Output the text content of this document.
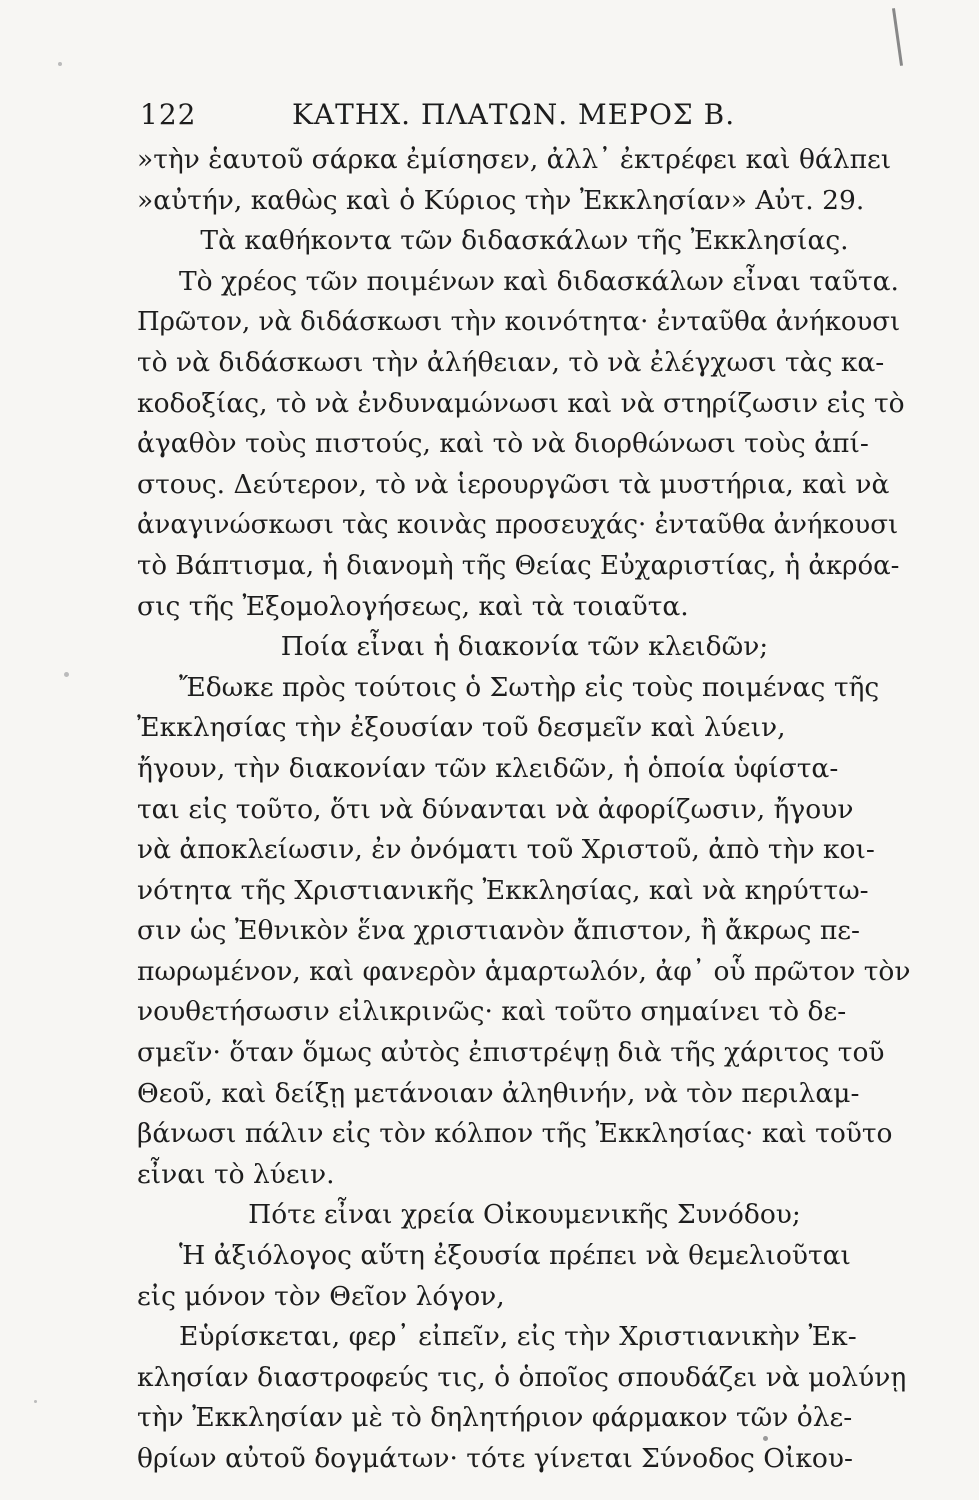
122	ΚΑΤΗΧ. ΠΛΑΤΩΝ. ΜΕΡΟΣ Β.
»τὴν ἑαυτοῦ σάρκα ἐμίσησεν, ἀλλ᾽ ἐκτρέφει καὶ θάλπει
»αὐτήν, καθὼς καὶ ὁ Κύριος τὴν Ἐκκλησίαν» Αὐτ. 29.
Τὰ καθήκοντα τῶν διδασκάλων τῆς Ἐκκλησίας.
Τὸ χρέος τῶν ποιμένων καὶ διδασκάλων εἶναι ταῦτα.
Πρῶτον, νὰ διδάσκωσι τὴν κοινότητα· ἐνταῦθα ἀνήκουσι
τὸ νὰ διδάσκωσι τὴν ἀλήθειαν, τὸ νὰ ἐλέγχωσι τὰς κα-
κοδοξίας, τὸ νὰ ἐνδυναμώνωσι καὶ νὰ στηρίζωσιν εἰς τὸ
ἀγαθὸν τοὺς πιστούς, καὶ τὸ νὰ διορθώνωσι τοὺς ἀπί-
στους. Δεύτερον, τὸ νὰ ἱερουργῶσι τὰ μυστήρια, καὶ νὰ
ἀναγινώσκωσι τὰς κοινὰς προσευχάς· ἐνταῦθα ἀνήκουσι
τὸ Βάπτισμα, ἡ διανομὴ τῆς Θείας Εὐχαριστίας, ἡ ἀκρόα-
σις τῆς Ἐξομολογήσεως, καὶ τὰ τοιαῦτα.
Ποία εἶναι ἡ διακονία τῶν κλειδῶν;
Ἔδωκε πρὸς τούτοις ὁ Σωτὴρ εἰς τοὺς ποιμένας τῆς
Ἐκκλησίας τὴν ἐξουσίαν τοῦ δεσμεῖν καὶ λύειν,
ἤγουν, τὴν διακονίαν τῶν κλειδῶν, ἡ ὁποία ὑφίστα-
ται εἰς τοῦτο, ὅτι νὰ δύνανται νὰ ἀφορίζωσιν, ἤγουν
νὰ ἀποκλείωσιν, ἐν ὀνόματι τοῦ Χριστοῦ, ἀπὸ τὴν κοι-
νότητα τῆς Χριστιανικῆς Ἐκκλησίας, καὶ νὰ κηρύττω-
σιν ὡς Ἐθνικὸν ἕνα χριστιανὸν ἄπιστον, ἢ ἄκρως πε-
πωρωμένον, καὶ φανερὸν ἁμαρτωλόν, ἀφ᾽ οὗ πρῶτον τὸν
νουθετήσωσιν εἰλικρινῶς· καὶ τοῦτο σημαίνει τὸ δε-
σμεῖν· ὅταν ὅμως αὐτὸς ἐπιστρέψῃ διὰ τῆς χάριτος τοῦ
Θεοῦ, καὶ δείξῃ μετάνοιαν ἀληθινήν, νὰ τὸν περιλαμ-
βάνωσι πάλιν εἰς τὸν κόλπον τῆς Ἐκκλησίας· καὶ τοῦτο
εἶναι τὸ λύειν.
Πότε εἶναι χρεία Οἰκουμενικῆς Συνόδου;
Ἡ ἀξιόλογος αὕτη ἐξουσία πρέπει νὰ θεμελιοῦται
εἰς μόνον τὸν Θεῖον λόγον,
Εὑρίσκεται, φερ᾽ εἰπεῖν, εἰς τὴν Χριστιανικὴν Ἐκ-
κλησίαν διαστροφεύς τις, ὁ ὁποῖος σπουδάζει νὰ μολύνῃ
τὴν Ἐκκλησίαν μὲ τὸ δηλητήριον φάρμακον τῶν ὀλε-
θρίων αὐτοῦ δογμάτων· τότε γίνεται Σύνοδος Οἰκου-
